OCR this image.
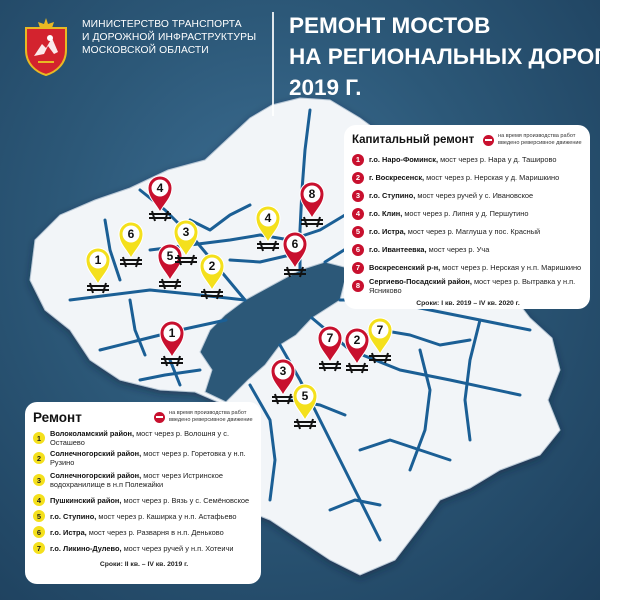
1	2
3
4
5
6
7
8
1	2
3
4
5
6
7
МИНИСТЕРСТВО ТРАНСПОРТА
И ДОРОЖНОЙ ИНФРАСТРУКТУРЫ
МОСКОВСКОЙ ОБЛАСТИ
РЕМОНТ МОСТОВ
НА РЕГИОНАЛЬНЫХ ДОРОГАХ
2019 Г.
Капитальный ремонт	на время производства работ введено реверсивное движение
1	г.о. Наро-Фоминск, мост через р. Нара у д. Таширово
2	г. Воскресенск, мост через р. Нерская у д. Маришкино
3	г.о. Ступино, мост через ручей у с. Ивановское
4	г.о. Клин, мост через р. Липня у д. Першутино
5	г.о. Истра, мост через р. Маглуша у пос. Красный
6	г.о. Ивантеевка, мост через р. Уча
7	Воскресенский р-н, мост через р. Нерская у н.п. Маришкино
8	Сергиево-Посадский район, мост через р. Вытравка у н.п. Ясниково
Сроки: I кв. 2019 – IV кв. 2020 г.
Ремонт	на время производства работ введено реверсивное движение
1	Волоколамский район, мост через р. Волошня у с. Осташево
2	Солнечногорский район, мост через р. Горетовка у н.п. Рузино
3	Солнечногорский район, мост через Истринское водохранилище в н.п Полежайки
4	Пушкинский район, мост через р. Вязь у с. Семёновское
5	г.о. Ступино, мост через р. Каширка у н.п. Астафьево
6	г.о. Истра, мост через р. Разварня в н.п. Деньково
7	г.о. Ликино-Дулево, мост через ручей у н.п. Хотеичи
Сроки: II кв. – IV кв. 2019 г.
